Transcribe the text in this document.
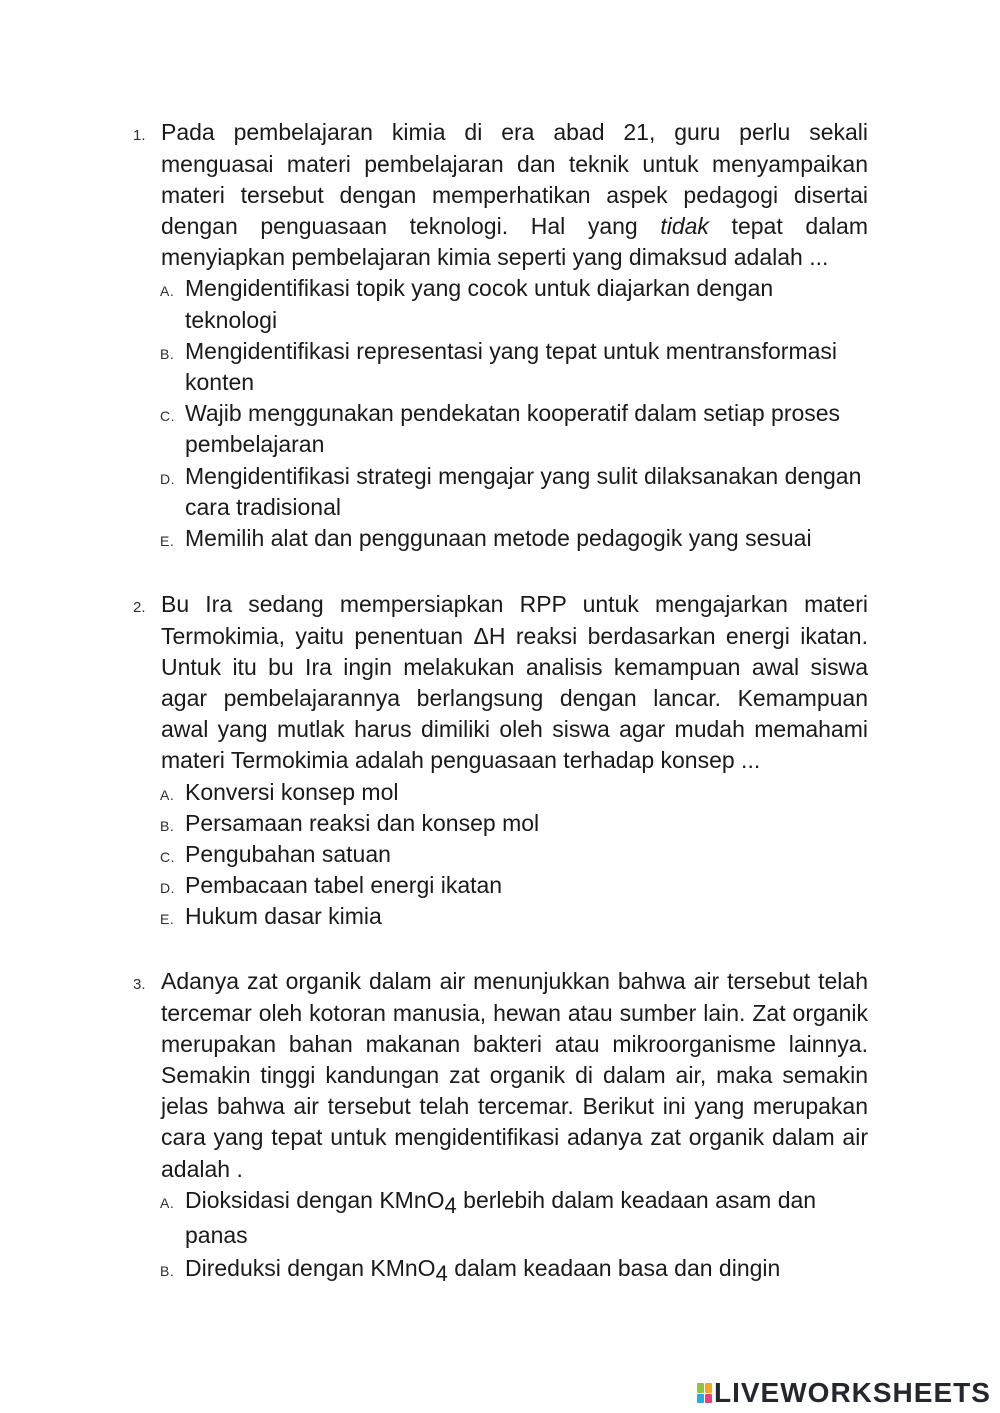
1. Pada pembelajaran kimia di era abad 21, guru perlu sekali
menguasai materi pembelajaran dan teknik untuk menyampaikan
materi tersebut dengan memperhatikan aspek pedagogi disertai
dengan penguasaan teknologi. Hal yang tidak tepat dalam
menyiapkan pembelajaran kimia seperti yang dimaksud adalah ...
A. Mengidentifikasi topik yang cocok untuk diajarkan dengan
teknologi
B. Mengidentifikasi representasi yang tepat untuk mentransformasi
konten
C. Wajib menggunakan pendekatan kooperatif dalam setiap proses
pembelajaran
D. Mengidentifikasi strategi mengajar yang sulit dilaksanakan dengan
cara tradisional
E. Memilih alat dan penggunaan metode pedagogik yang sesuai
2. Bu Ira sedang mempersiapkan RPP untuk mengajarkan materi
Termokimia, yaitu penentuan ΔH reaksi berdasarkan energi ikatan.
Untuk itu bu Ira ingin melakukan analisis kemampuan awal siswa
agar pembelajarannya berlangsung dengan lancar. Kemampuan
awal yang mutlak harus dimiliki oleh siswa agar mudah memahami
materi Termokimia adalah penguasaan terhadap konsep ...
A. Konversi konsep mol
B. Persamaan reaksi dan konsep mol
C. Pengubahan satuan
D. Pembacaan tabel energi ikatan
E. Hukum dasar kimia
3. Adanya zat organik dalam air menunjukkan bahwa air tersebut telah
tercemar oleh kotoran manusia, hewan atau sumber lain. Zat organik
merupakan bahan makanan bakteri atau mikroorganisme lainnya.
Semakin tinggi kandungan zat organik di dalam air, maka semakin
jelas bahwa air tersebut telah tercemar. Berikut ini yang merupakan
cara yang tepat untuk mengidentifikasi adanya zat organik dalam air
adalah .
A. Dioksidasi dengan KMnO4 berlebih dalam keadaan asam dan
panas
B. Direduksi dengan KMnO4 dalam keadaan basa dan dingin
LIVEWORKSHEETS
